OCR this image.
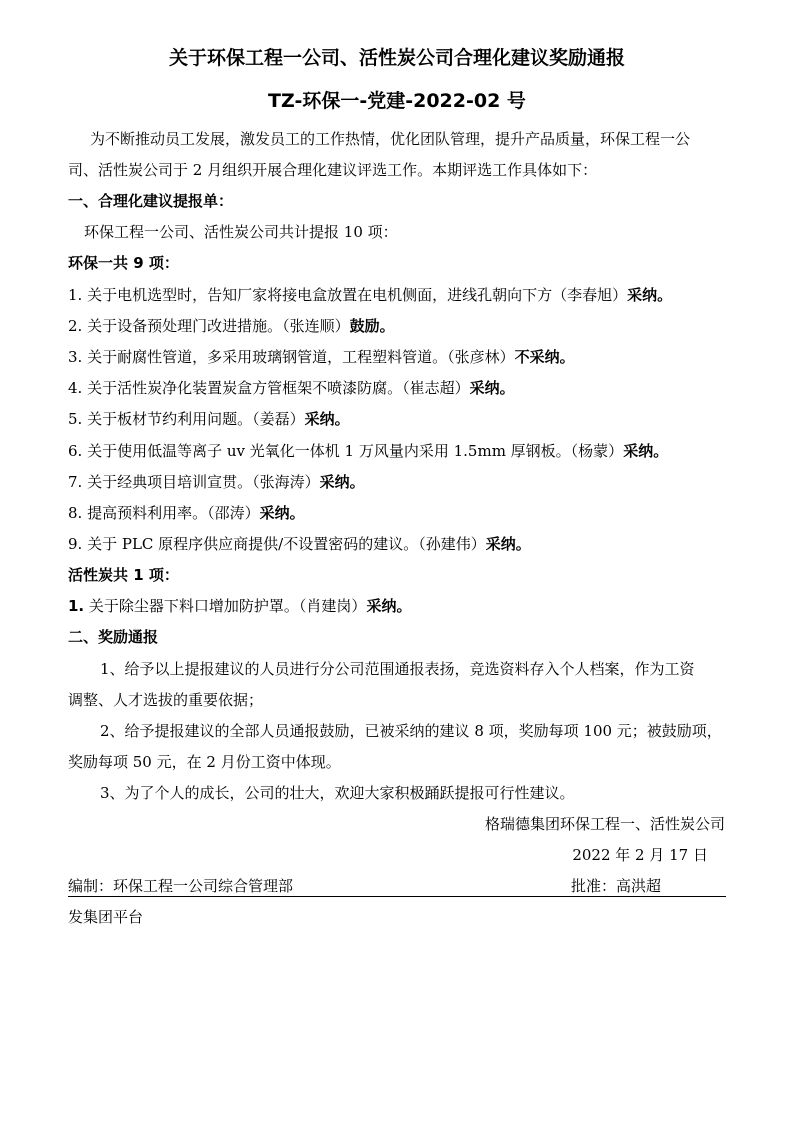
关于环保工程一公司、活性炭公司合理化建议奖励通报
TZ-环保一-党建-2022-02 号
为不断推动员工发展，激发员工的工作热情，优化团队管理，提升产品质量，环保工程一公
司、活性炭公司于 2 月组织开展合理化建议评选工作。本期评选工作具体如下：
一、合理化建议提报单：
环保工程一公司、活性炭公司共计提报 10 项：
环保一共 9 项：
1. 关于电机选型时，告知厂家将接电盒放置在电机侧面，进线孔朝向下方（李春旭）采纳。
2. 关于设备预处理门改进措施。（张连顺）鼓励。
3. 关于耐腐性管道，多采用玻璃钢管道，工程塑料管道。（张彦林）不采纳。
4. 关于活性炭净化装置炭盒方管框架不喷漆防腐。（崔志超）采纳。
5. 关于板材节约利用问题。（姜磊）采纳。
6. 关于使用低温等离子 uv 光氧化一体机 1 万风量内采用 1.5mm 厚钢板。（杨蒙）采纳。
7. 关于经典项目培训宣贯。（张海涛）采纳。
8. 提高预料利用率。（邵涛）采纳。
9. 关于 PLC 原程序供应商提供/不设置密码的建议。（孙建伟）采纳。
活性炭共 1 项：
1. 关于除尘器下料口增加防护罩。（肖建岗）采纳。
二、奖励通报
1、给予以上提报建议的人员进行分公司范围通报表扬，竞选资料存入个人档案，作为工资
调整、人才选拔的重要依据；
2、给予提报建议的全部人员通报鼓励，已被采纳的建议 8 项，奖励每项 100 元；被鼓励项，
奖励每项 50 元，在 2 月份工资中体现。
3、为了个人的成长，公司的壮大，欢迎大家积极踊跃提报可行性建议。
格瑞德集团环保工程一、活性炭公司
2022 年 2 月 17 日
编制：环保工程一公司综合管理部	批准：高洪超
发集团平台
